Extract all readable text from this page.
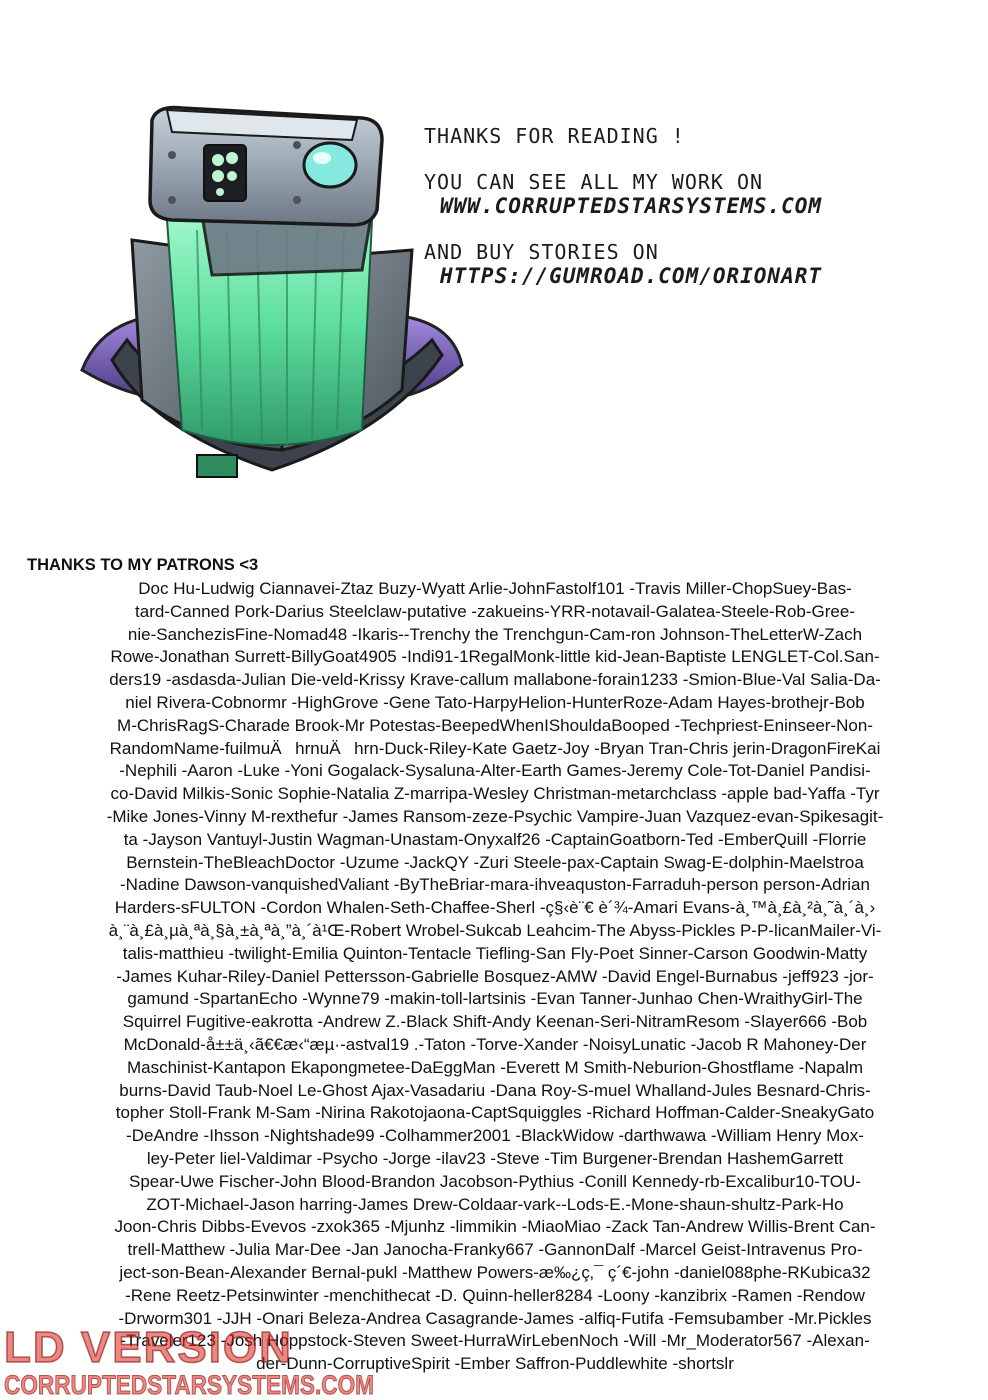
THANKS FOR READING !
YOU CAN SEE ALL MY WORK ON
WWW.CORRUPTEDSTARSYSTEMS.COM
AND BUY STORIES ON
HTTPS://GUMROAD.COM/ORIONART
THANKS TO MY PATRONS <3
Doc Hu-Ludwig Ciannavei-Ztaz Buzy-Wyatt Arlie-JohnFastolf101 -Travis Miller-ChopSuey-Bas-
tard-Canned Pork-Darius Steelclaw-putative -zakueins-YRR-notavail-Galatea-Steele-Rob-Gree-
nie-SanchezisFine-Nomad48 -Ikaris--Trenchy the Trenchgun-Cam-ron Johnson-TheLetterW-Zach
Rowe-Jonathan Surrett-BillyGoat4905 -Indi91-1RegalMonk-little kid-Jean-Baptiste LENGLET-Col.San-
ders19 -asdasda-Julian Die-veld-Krissy Krave-callum mallabone-forain1233 -Smion-Blue-Val Salia-Da-
niel Rivera-Cobnormr -HighGrove -Gene Tato-HarpyHelion-HunterRoze-Adam Hayes-brothejr-Bob
M-ChrisRagS-Charade Brook-Mr Potestas-BeepedWhenIShouldaBooped -Techpriest-Eninseer-Non-
RandomName-fuilmuÄhrnuÄhrn-Duck-Riley-Kate Gaetz-Joy -Bryan Tran-Chris jerin-DragonFireKai
-Nephili -Aaron -Luke -Yoni Gogalack-Sysaluna-Alter-Earth Games-Jeremy Cole-Tot-Daniel Pandisi-
co-David Milkis-Sonic Sophie-Natalia Z-marripa-Wesley Christman-metarchclass -apple bad-Yaffa -Tyr
-Mike Jones-Vinny M-rexthefur -James Ransom-zeze-Psychic Vampire-Juan Vazquez-evan-Spikesagit-
ta -Jayson Vantuyl-Justin Wagman-Unastam-Onyxalf26 -CaptainGoatborn-Ted -EmberQuill -Florrie
Bernstein-TheBleachDoctor -Uzume -JackQY -Zuri Steele-pax-Captain Swag-E-dolphin-Maelstroa
-Nadine Dawson-vanquishedValiant -ByTheBriar-mara-ihveaquston-Farraduh-person person-Adrian
Harders-sFULTON -Cordon Whalen-Seth-Chaffee-Sherl -ç§‹è¨€ è´¾-Amari Evans-à¸™à¸£à¸²à¸˜à¸´à¸›
à¸¨à¸£à¸µà¸ªà¸§à¸±à¸ªà¸”à¸´à¹Œ-Robert Wrobel-Sukcab Leahcim-The Abyss-Pickles P-P-licanMailer-Vi-
talis-matthieu -twilight-Emilia Quinton-Tentacle Tiefling-San Fly-Poet Sinner-Carson Goodwin-Matty
-James Kuhar-Riley-Daniel Pettersson-Gabrielle Bosquez-AMW -David Engel-Burnabus -jeff923 -jor-
gamund -SpartanEcho -Wynne79 -makin-toll-lartsinis -Evan Tanner-Junhao Chen-WraithyGirl-The
Squirrel Fugitive-eakrotta -Andrew Z.-Black Shift-Andy Keenan-Seri-NitramResom -Slayer666 -Bob
McDonald-å±±ä¸‹ã€€æ‹“æµ·-astval19 .-Taton -Torve-Xander -NoisyLunatic -Jacob R Mahoney-Der
Maschinist-Kantapon Ekapongmetee-DaEggMan -Everett M Smith-Neburion-Ghostflame -Napalm
burns-David Taub-Noel Le-Ghost Ajax-Vasadariu -Dana Roy-S-muel Whalland-Jules Besnard-Chris-
topher Stoll-Frank M-Sam -Nirina Rakotojaona-CaptSquiggles -Richard Hoffman-Calder-SneakyGato
-DeAndre -Ihsson -Nightshade99 -Colhammer2001 -BlackWidow -darthwawa -William Henry Mox-
ley-Peter liel-Valdimar -Psycho -Jorge -ilav23 -Steve -Tim Burgener-Brendan HashemGarrett
Spear-Uwe Fischer-John Blood-Brandon Jacobson-Pythius -Conill Kennedy-rb-Excalibur10-TOU-
ZOT-Michael-Jason harring-James Drew-Coldaar-vark--Lods-E.-Mone-shaun-shultz-Park-Ho
Joon-Chris Dibbs-Evevos -zxok365 -Mjunhz -limmikin -MiaoMiao -Zack Tan-Andrew Willis-Brent Can-
trell-Matthew -Julia Mar-Dee -Jan Janocha-Franky667 -GannonDalf -Marcel Geist-Intravenus Pro-
ject-son-Bean-Alexander Bernal-pukl -Matthew Powers-æ‰¿ç‚¯ ç´€-john -daniel088phe-RKubica32
-Rene Reetz-Petsinwinter -menchithecat -D. Quinn-heller8284 -Loony -kanzibrix -Ramen -Rendow
-Drworm301 -JJH -Onari Beleza-Andrea Casagrande-James -alfiq-Futifa -Femsubamber -Mr.Pickles
-Traveler123 -Josh Hoppstock-Steven Sweet-HurraWirLebenNoch -Will -Mr_Moderator567 -Alexan-
der-Dunn-CorruptiveSpirit -Ember Saffron-Puddlewhite -shortslr
LD VERSION
CORRUPTEDSTARSYSTEMS.COM
